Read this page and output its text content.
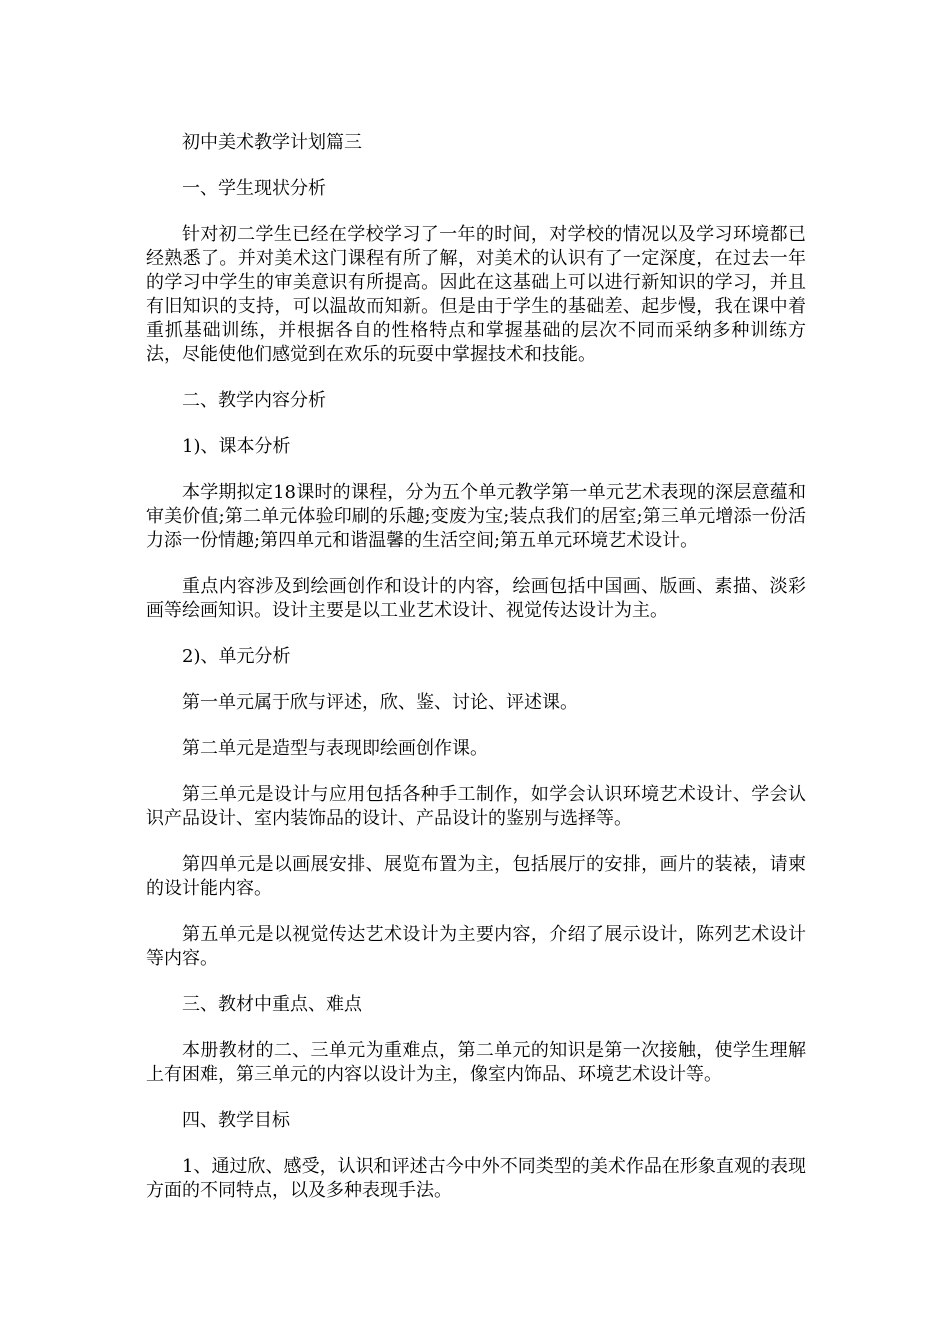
初中美术教学计划篇三

一、学生现状分析

针对初二学生已经在学校学习了一年的时间，对学校的情况以及学习环境都已经熟悉了。并对美术这门课程有所了解，对美术的认识有了一定深度，在过去一年的学习中学生的审美意识有所提高。因此在这基础上可以进行新知识的学习，并且有旧知识的支持，可以温故而知新。但是由于学生的基础差、起步慢，我在课中着重抓基础训练，并根据各自的性格特点和掌握基础的层次不同而采纳多种训练方法，尽能使他们感觉到在欢乐的玩耍中掌握技术和技能。

二、教学内容分析

1)、课本分析

本学期拟定18课时的课程，分为五个单元教学第一单元艺术表现的深层意蕴和审美价值;第二单元体验印刷的乐趣;变废为宝;装点我们的居室;第三单元增添一份活力添一份情趣;第四单元和谐温馨的生活空间;第五单元环境艺术设计。

重点内容涉及到绘画创作和设计的内容，绘画包括中国画、版画、素描、淡彩画等绘画知识。设计主要是以工业艺术设计、视觉传达设计为主。

2)、单元分析

第一单元属于欣与评述，欣、鉴、讨论、评述课。

第二单元是造型与表现即绘画创作课。

第三单元是设计与应用包括各种手工制作，如学会认识环境艺术设计、学会认识产品设计、室内装饰品的设计、产品设计的鉴别与选择等。

第四单元是以画展安排、展览布置为主，包括展厅的安排，画片的装裱，请柬的设计能内容。

第五单元是以视觉传达艺术设计为主要内容，介绍了展示设计，陈列艺术设计等内容。

三、教材中重点、难点

本册教材的二、三单元为重难点，第二单元的知识是第一次接触，使学生理解上有困难，第三单元的内容以设计为主，像室内饰品、环境艺术设计等。

四、教学目标

1、通过欣、感受，认识和评述古今中外不同类型的美术作品在形象直观的表现方面的不同特点，以及多种表现手法。
